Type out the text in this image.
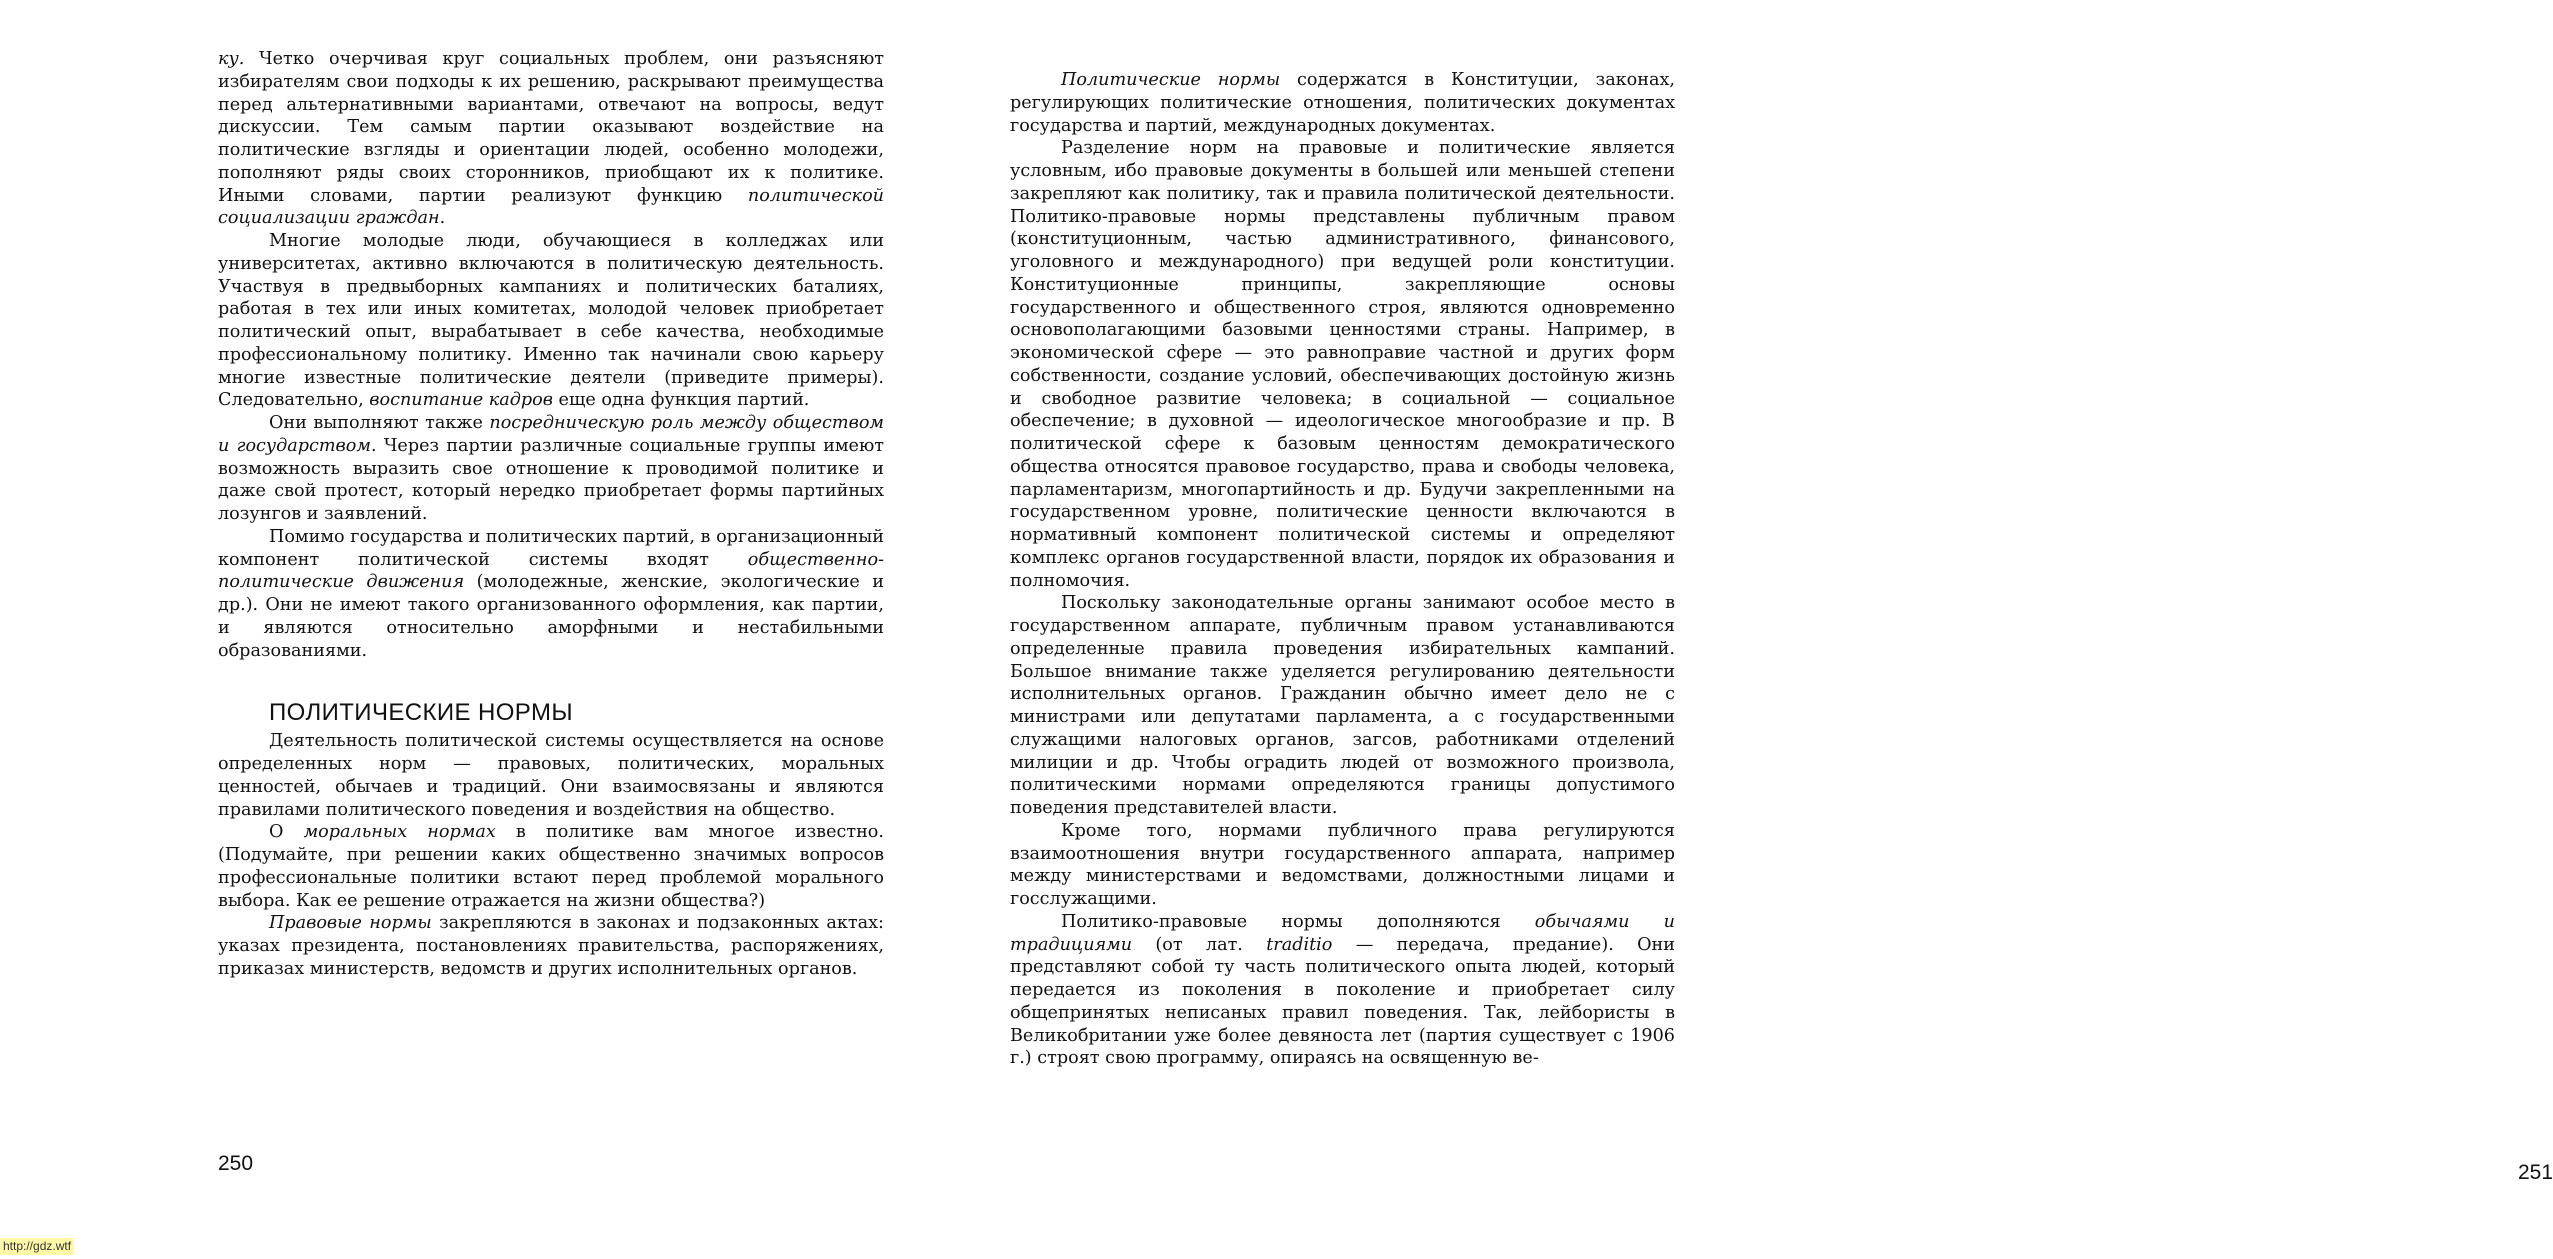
ку. Четко очерчивая круг социальных проблем, они разъясняют избирателям свои подходы к их решению, раскрывают преимущества перед альтернативными вариантами, отвечают на вопросы, ведут дискуссии. Тем самым партии оказывают воздействие на политические взгляды и ориентации людей, особенно молодежи, пополняют ряды своих сторонников, приобщают их к политике. Иными словами, партии реализуют функцию политической социализации граждан.

Многие молодые люди, обучающиеся в колледжах или университетах, активно включаются в политическую деятельность. Участвуя в предвыборных кампаниях и политических баталиях, работая в тех или иных комитетах, молодой человек приобретает политический опыт, вырабатывает в себе качества, необходимые профессиональному политику. Именно так начинали свою карьеру многие известные политические деятели (приведите примеры). Следовательно, воспитание кадров еще одна функция партий.

Они выполняют также посредническую роль между обществом и государством. Через партии различные социальные группы имеют возможность выразить свое отношение к проводимой политике и даже свой протест, который нередко приобретает формы партийных лозунгов и заявлений.

Помимо государства и политических партий, в организационный компонент политической системы входят общественно-политические движения (молодежные, женские, экологические и др.). Они не имеют такого организованного оформления, как партии, и являются относительно аморфными и нестабильными образованиями.

ПОЛИТИЧЕСКИЕ НОРМЫ

Деятельность политической системы осуществляется на основе определенных норм — правовых, политических, моральных ценностей, обычаев и традиций. Они взаимосвязаны и являются правилами политического поведения и воздействия на общество.

О моральных нормах в политике вам многое известно. (Подумайте, при решении каких общественно значимых вопросов профессиональные политики встают перед проблемой морального выбора. Как ее решение отражается на жизни общества?)

Правовые нормы закрепляются в законах и подзаконных актах: указах президента, постановлениях правительства, распоряжениях, приказах министерств, ведомств и других исполнительных органов.

250

Политические нормы содержатся в Конституции, законах, регулирующих политические отношения, политических документах государства и партий, международных документах.

Разделение норм на правовые и политические является условным, ибо правовые документы в большей или меньшей степени закрепляют как политику, так и правила политической деятельности. Политико-правовые нормы представлены публичным правом (конституционным, частью административного, финансового, уголовного и международного) при ведущей роли конституции. Конституционные принципы, закрепляющие основы государственного и общественного строя, являются одновременно основополагающими базовыми ценностями страны. Например, в экономической сфере — это равноправие частной и других форм собственности, создание условий, обеспечивающих достойную жизнь и свободное развитие человека; в социальной — социальное обеспечение; в духовной — идеологическое многообразие и пр. В политической сфере к базовым ценностям демократического общества относятся правовое государство, права и свободы человека, парламентаризм, многопартийность и др. Будучи закрепленными на государственном уровне, политические ценности включаются в нормативный компонент политической системы и определяют комплекс органов государственной власти, порядок их образования и полномочия.

Поскольку законодательные органы занимают особое место в государственном аппарате, публичным правом устанавливаются определенные правила проведения избирательных кампаний. Большое внимание также уделяется регулированию деятельности исполнительных органов. Гражданин обычно имеет дело не с министрами или депутатами парламента, а с государственными служащими налоговых органов, загсов, работниками отделений милиции и др. Чтобы оградить людей от возможного произвола, политическими нормами определяются границы допустимого поведения представителей власти.

Кроме того, нормами публичного права регулируются взаимоотношения внутри государственного аппарата, например между министерствами и ведомствами, должностными лицами и госслужащими.

Политико-правовые нормы дополняются обычаями и традициями (от лат. traditio — передача, предание). Они представляют собой ту часть политического опыта людей, который передается из поколения в поколение и приобретает силу общепринятых неписаных правил поведения. Так, лейбористы в Великобритании уже более девяноста лет (партия существует с 1906 г.) строят свою программу, опираясь на освященную ве-

251
http://gdz.wtf
